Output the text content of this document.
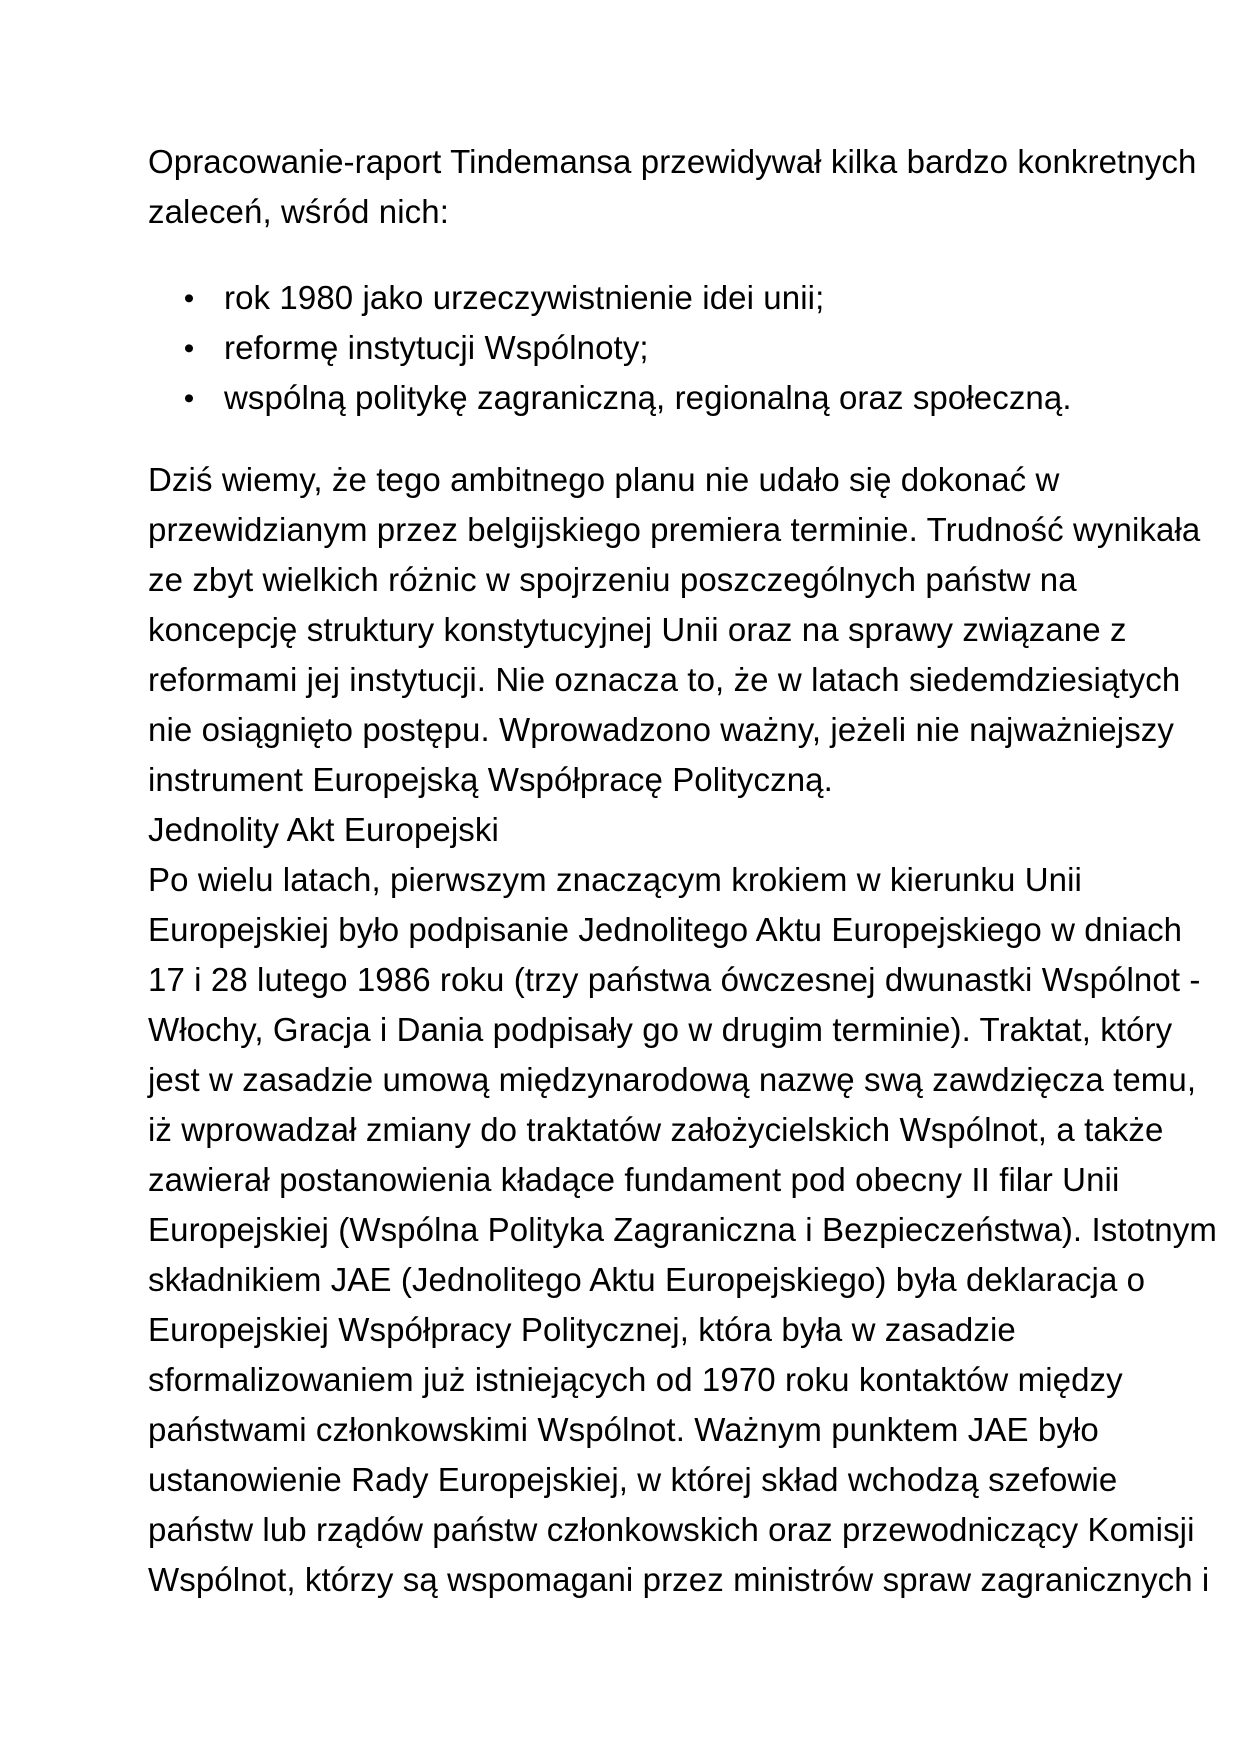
Opracowanie-raport Tindemansa przewidywał kilka bardzo konkretnych
zaleceń, wśród nich:
rok 1980 jako urzeczywistnienie idei unii;
reformę instytucji Wspólnoty;
wspólną politykę zagraniczną, regionalną oraz społeczną.
Dziś wiemy, że tego ambitnego planu nie udało się dokonać w
przewidzianym przez belgijskiego premiera terminie. Trudność wynikała
ze zbyt wielkich różnic w spojrzeniu poszczególnych państw na
koncepcję struktury konstytucyjnej Unii oraz na sprawy związane z
reformami jej instytucji. Nie oznacza to, że w latach siedemdziesiątych
nie osiągnięto postępu. Wprowadzono ważny, jeżeli nie najważniejszy
instrument Europejską Współpracę Polityczną.
Jednolity Akt Europejski
Po wielu latach, pierwszym znaczącym krokiem w kierunku Unii
Europejskiej było podpisanie Jednolitego Aktu Europejskiego w dniach
17 i 28 lutego 1986 roku (trzy państwa ówczesnej dwunastki Wspólnot -
Włochy, Gracja i Dania podpisały go w drugim terminie). Traktat, który
jest w zasadzie umową międzynarodową nazwę swą zawdzięcza temu,
iż wprowadzał zmiany do traktatów założycielskich Wspólnot, a także
zawierał postanowienia kładące fundament pod obecny II filar Unii
Europejskiej (Wspólna Polityka Zagraniczna i Bezpieczeństwa). Istotnym
składnikiem JAE (Jednolitego Aktu Europejskiego) była deklaracja o
Europejskiej Współpracy Politycznej, która była w zasadzie
sformalizowaniem już istniejących od 1970 roku kontaktów między
państwami członkowskimi Wspólnot. Ważnym punktem JAE było
ustanowienie Rady Europejskiej, w której skład wchodzą szefowie
państw lub rządów państw członkowskich oraz przewodniczący Komisji
Wspólnot, którzy są wspomagani przez ministrów spraw zagranicznych i
